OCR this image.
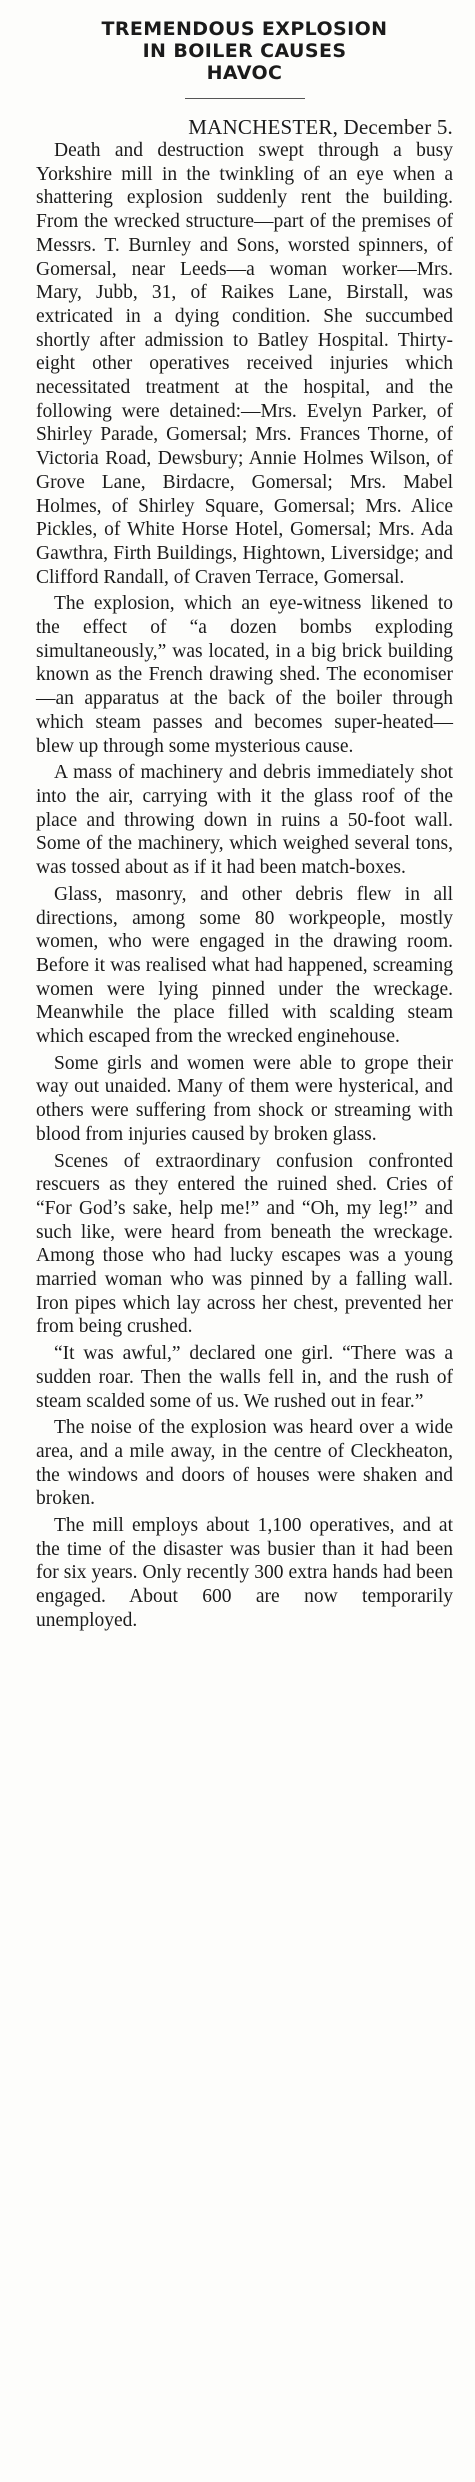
TREMENDOUS EXPLOSION
IN BOILER CAUSES
HAVOC

MANCHESTER, December 5.

Death and destruction swept through a busy Yorkshire mill in the twinkling of an eye when a shattering explosion suddenly rent the building. From the wrecked structure—part of the premises of Messrs. T. Burnley and Sons, worsted spinners, of Gomersal, near Leeds—a woman worker—Mrs. Mary, Jubb, 31, of Raikes Lane, Birstall, was extricated in a dying condition. She succumbed shortly after admission to Batley Hospital. Thirty-eight other operatives received injuries which necessitated treatment at the hospital, and the following were detained:—Mrs. Evelyn Parker, of Shirley Parade, Gomersal; Mrs. Frances Thorne, of Victoria Road, Dewsbury; Annie Holmes Wilson, of Grove Lane, Birdacre, Gomersal; Mrs. Mabel Holmes, of Shirley Square, Gomersal; Mrs. Alice Pickles, of White Horse Hotel, Gomersal; Mrs. Ada Gawthra, Firth Buildings, Hightown, Liversidge; and Clifford Randall, of Craven Terrace, Gomersal.

The explosion, which an eye-witness likened to the effect of “a dozen bombs exploding simultaneously,” was located, in a big brick building known as the French drawing shed. The economiser—an apparatus at the back of the boiler through which steam passes and becomes super-heated—blew up through some mysterious cause.

A mass of machinery and debris immediately shot into the air, carrying with it the glass roof of the place and throwing down in ruins a 50-foot wall. Some of the machinery, which weighed several tons, was tossed about as if it had been match-boxes.

Glass, masonry, and other debris flew in all directions, among some 80 workpeople, mostly women, who were engaged in the drawing room. Before it was realised what had happened, screaming women were lying pinned under the wreckage. Meanwhile the place filled with scalding steam which escaped from the wrecked enginehouse.

Some girls and women were able to grope their way out unaided. Many of them were hysterical, and others were suffering from shock or streaming with blood from injuries caused by broken glass.

Scenes of extraordinary confusion confronted rescuers as they entered the ruined shed. Cries of “For God’s sake, help me!” and “Oh, my leg!” and such like, were heard from beneath the wreckage. Among those who had lucky escapes was a young married woman who was pinned by a falling wall. Iron pipes which lay across her chest, prevented her from being crushed.

“It was awful,” declared one girl. “There was a sudden roar. Then the walls fell in, and the rush of steam scalded some of us. We rushed out in fear.”

The noise of the explosion was heard over a wide area, and a mile away, in the centre of Cleckheaton, the windows and doors of houses were shaken and broken.

The mill employs about 1,100 operatives, and at the time of the disaster was busier than it had been for six years. Only recently 300 extra hands had been engaged. About 600 are now temporarily unemployed.
